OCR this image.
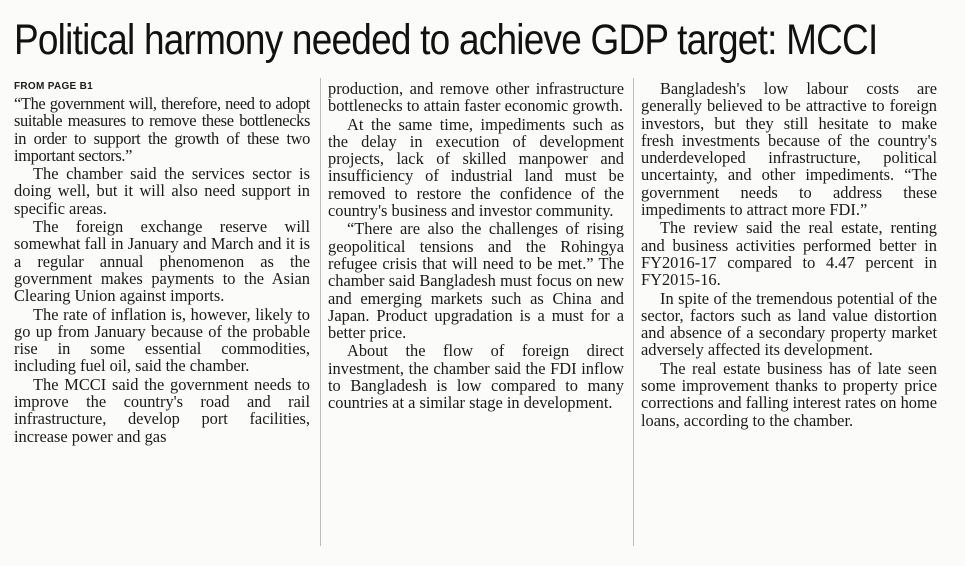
Political harmony needed to achieve GDP target: MCCI
FROM PAGE B1

“The government will, therefore, need to adopt suitable measures to remove these bottlenecks in order to support the growth of these two important sectors.”

The chamber said the services sector is doing well, but it will also need support in specific areas.

The foreign exchange reserve will somewhat fall in January and March and it is a regular annual phenomenon as the government makes payments to the Asian Clearing Union against imports.

The rate of inflation is, however, likely to go up from January because of the probable rise in some essential commodities, including fuel oil, said the chamber.

The MCCI said the government needs to improve the country's road and rail infrastructure, develop port facilities, increase power and gas

production, and remove other infrastructure bottlenecks to attain faster economic growth.

At the same time, impediments such as the delay in execution of development projects, lack of skilled manpower and insufficiency of industrial land must be removed to restore the confidence of the country's business and investor community.

“There are also the challenges of rising geopolitical tensions and the Rohingya refugee crisis that will need to be met.” The chamber said Bangladesh must focus on new and emerging markets such as China and Japan. Product upgradation is a must for a better price.

About the flow of foreign direct investment, the chamber said the FDI inflow to Bangladesh is low compared to many countries at a similar stage in development.

Bangladesh's low labour costs are generally believed to be attractive to foreign investors, but they still hesitate to make fresh investments because of the country's underdeveloped infrastructure, political uncertainty, and other impediments. “The government needs to address these impediments to attract more FDI.”

The review said the real estate, renting and business activities performed better in FY2016-17 compared to 4.47 percent in FY2015-16.

In spite of the tremendous potential of the sector, factors such as land value distortion and absence of a secondary property market adversely affected its development.

The real estate business has of late seen some improvement thanks to property price corrections and falling interest rates on home loans, according to the chamber.
